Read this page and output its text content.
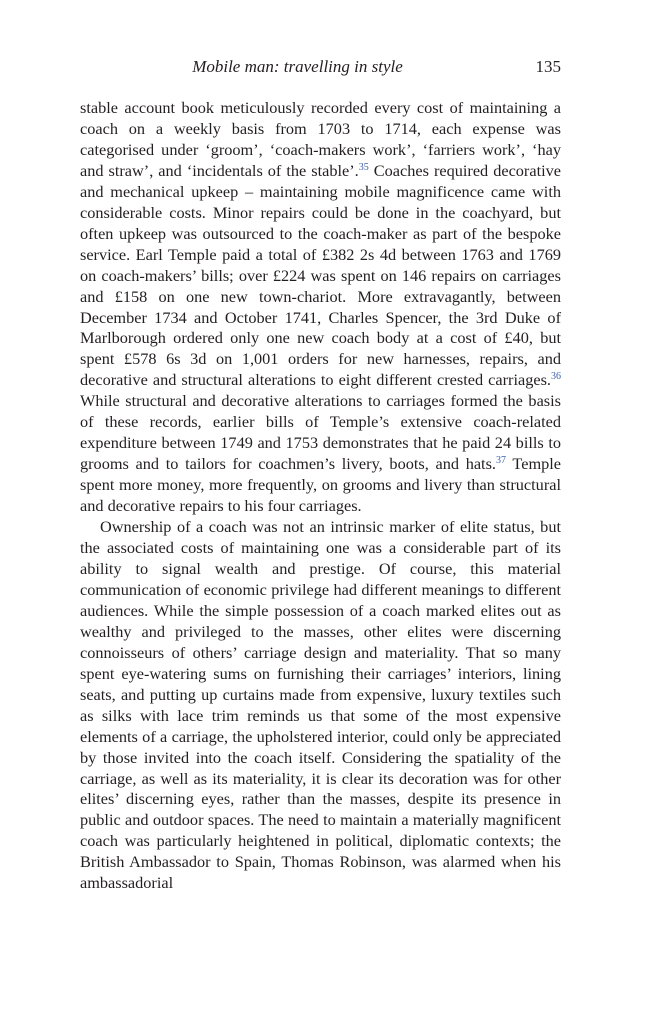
Mobile man: travelling in style	135

stable account book meticulously recorded every cost of maintaining a coach on a weekly basis from 1703 to 1714, each expense was categorised under ‘groom’, ‘coach-makers work’, ‘farriers work’, ‘hay and straw’, and ‘incidentals of the stable’.$^{35}$ Coaches required decorative and mechanical upkeep – maintaining mobile magnificence came with considerable costs. Minor repairs could be done in the coachyard, but often upkeep was outsourced to the coach-maker as part of the bespoke service. Earl Temple paid a total of £382 2s 4d between 1763 and 1769 on coach-makers’ bills; over £224 was spent on 146 repairs on carriages and £158 on one new town-chariot. More extravagantly, between December 1734 and October 1741, Charles Spencer, the 3rd Duke of Marlborough ordered only one new coach body at a cost of £40, but spent £578 6s 3d on 1,001 orders for new harnesses, repairs, and decorative and structural alterations to eight different crested carriages.$^{36}$ While structural and decorative alterations to carriages formed the basis of these records, earlier bills of Temple’s extensive coach-related expenditure between 1749 and 1753 demonstrates that he paid 24 bills to grooms and to tailors for coachmen’s livery, boots, and hats.$^{37}$ Temple spent more money, more frequently, on grooms and livery than structural and decorative repairs to his four carriages.

Ownership of a coach was not an intrinsic marker of elite status, but the associated costs of maintaining one was a considerable part of its ability to signal wealth and prestige. Of course, this material communication of economic privilege had different meanings to different audiences. While the simple possession of a coach marked elites out as wealthy and privileged to the masses, other elites were discerning connoisseurs of others’ carriage design and materiality. That so many spent eye-watering sums on furnishing their carriages’ interiors, lining seats, and putting up curtains made from expensive, luxury textiles such as silks with lace trim reminds us that some of the most expensive elements of a carriage, the upholstered interior, could only be appreciated by those invited into the coach itself. Considering the spatiality of the carriage, as well as its materiality, it is clear its decoration was for other elites’ discerning eyes, rather than the masses, despite its presence in public and outdoor spaces. The need to maintain a materially magnificent coach was particularly heightened in political, diplomatic contexts; the British Ambassador to Spain, Thomas Robinson, was alarmed when his ambassadorial
